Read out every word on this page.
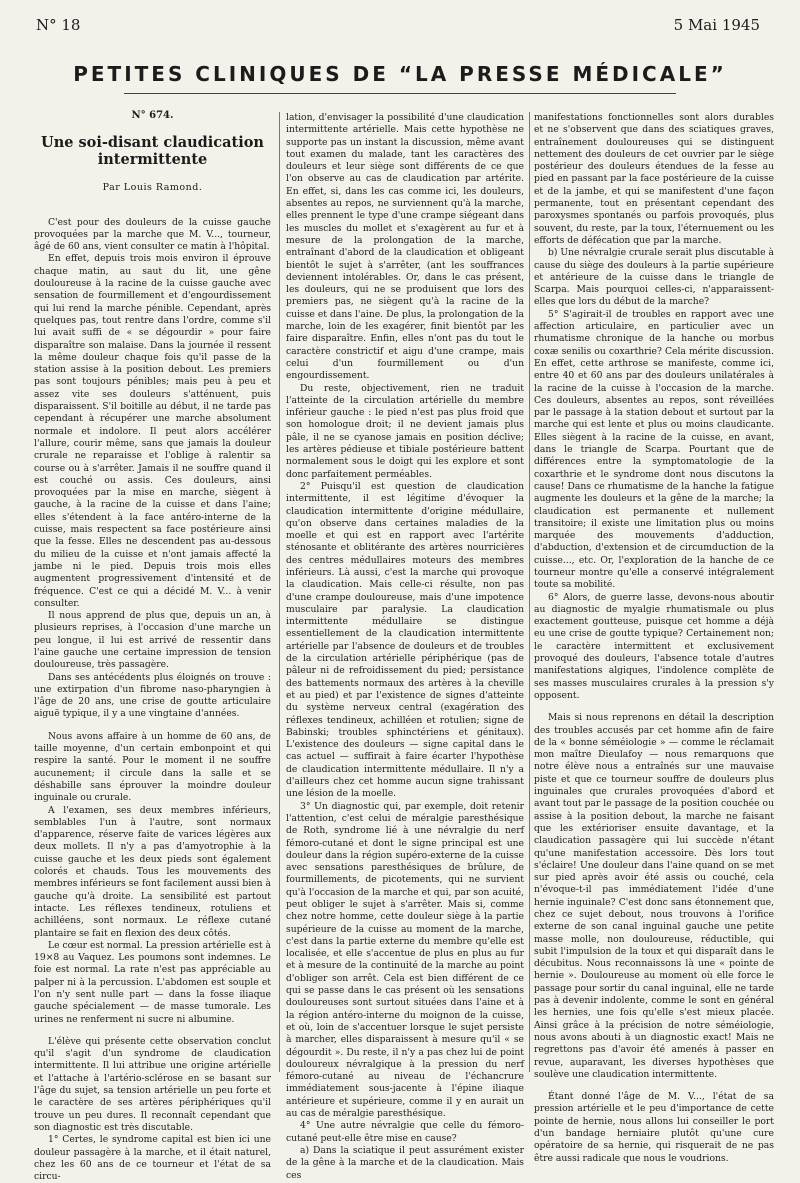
N° 18	5 Mai 1945
PETITES CLINIQUES DE “LA PRESSE MÉDICALE”
N° 674.
Une soi-disant claudication intermittente
Par Louis Ramond.

C'est pour des douleurs de la cuisse gauche provoquées par la marche que M. V..., tourneur, âgé de 60 ans, vient consulter ce matin à l'hôpital.

En effet, depuis trois mois environ il éprouve chaque matin, au saut du lit, une gêne douloureuse à la racine de la cuisse gauche avec sensation de fourmillement et d'engourdissement qui lui rend la marche pénible. Cependant, après quelques pas, tout rentre dans l'ordre, comme s'il lui avait suffi de « se dégourdir » pour faire disparaître son malaise. Dans la journée il ressent la même douleur chaque fois qu'il passe de la station assise à la position debout. Les premiers pas sont toujours pénibles; mais peu à peu et assez vite ses douleurs s'atténuent, puis disparaissent. S'il boitille au début, il ne tarde pas cependant à récupérer une marche absolument normale et indolore. Il peut alors accélérer l'allure, courir même, sans que jamais la douleur crurale ne reparaisse et l'oblige à ralentir sa course ou à s'arrêter. Jamais il ne souffre quand il est couché ou assis. Ces douleurs, ainsi provoquées par la mise en marche, siègent à gauche, à la racine de la cuisse et dans l'aine; elles s'étendent à la face antéro-interne de la cuisse, mais respectent sa face postérieure ainsi que la fesse. Elles ne descendent pas au-dessous du milieu de la cuisse et n'ont jamais affecté la jambe ni le pied. Depuis trois mois elles augmentent progressivement d'intensité et de fréquence. C'est ce qui a décidé M. V... à venir consulter.

Il nous apprend de plus que, depuis un an, à plusieurs reprises, à l'occasion d'une marche un peu longue, il lui est arrivé de ressentir dans l'aine gauche une certaine impression de tension douloureuse, très passagère.

Dans ses antécédents plus éloignés on trouve : une extirpation d'un fibrome naso-pharyngien à l'âge de 20 ans, une crise de goutte articulaire aiguë typique, il y a une vingtaine d'années.

Nous avons affaire à un homme de 60 ans, de taille moyenne, d'un certain embonpoint et qui respire la santé. Pour le moment il ne souffre aucunement; il circule dans la salle et se déshabille sans éprouver la moindre douleur inguinale ou crurale.

A l'examen, ses deux membres inférieurs, semblables l'un à l'autre, sont normaux d'apparence, réserve faite de varices légères aux deux mollets. Il n'y a pas d'amyotrophie à la cuisse gauche et les deux pieds sont également colorés et chauds. Tous les mouvements des membres inférieurs se font facilement aussi bien à gauche qu'à droite. La sensibilité est partout intacte. Les réflexes tendineux, rotuliens et achilléens, sont normaux. Le réflexe cutané plantaire se fait en flexion des deux côtés.

Le cœur est normal. La pression artérielle est à 19×8 au Vaquez. Les poumons sont indemnes. Le foie est normal. La rate n'est pas appréciable au palper ni à la percussion. L'abdomen est souple et l'on n'y sent nulle part — dans la fosse iliaque gauche spécialement — de masse tumorale. Les urines ne renferment ni sucre ni albumine.

L'élève qui présente cette observation conclut qu'il s'agit d'un syndrome de claudication intermittente. Il lui attribue une origine artérielle et l'attache à l'artério-sclérose en se basant sur l'âge du sujet, sa tension artérielle un peu forte et le caractère de ses artères périphériques qu'il trouve un peu dures. Il reconnaît cependant que son diagnostic est très discutable.

1° Certes, le syndrome capital est bien ici une douleur passagère à la marche, et il était naturel, chez les 60 ans de ce tourneur et l'état de sa circu-

lation, d'envisager la possibilité d'une claudication intermittente artérielle. Mais cette hypothèse ne supporte pas un instant la discussion, même avant tout examen du malade, tant les caractères des douleurs et leur siège sont différents de ce que l'on observe au cas de claudication par artérite. En effet, si, dans les cas comme ici, les douleurs, absentes au repos, ne surviennent qu'à la marche, elles prennent le type d'une crampe siégeant dans les muscles du mollet et s'exagèrent au fur et à mesure de la prolongation de la marche, entraînant d'abord de la claudication et obligeant bientôt le sujet à s'arrêter, (ant les souffrances deviennent intolérables. Or, dans le cas présent, les douleurs, qui ne se produisent que lors des premiers pas, ne siègent qu'à la racine de la cuisse et dans l'aine. De plus, la prolongation de la marche, loin de les exagérer, finit bientôt par les faire disparaître. Enfin, elles n'ont pas du tout le caractère constrictif et aigu d'une crampe, mais celui d'un fourmillement ou d'un engourdissement.

Du reste, objectivement, rien ne traduit l'atteinte de la circulation artérielle du membre inférieur gauche : le pied n'est pas plus froid que son homologue droit; il ne devient jamais plus pâle, il ne se cyanose jamais en position déclive; les artères pédieuse et tibiale postérieure battent normalement sous le doigt qui les explore et sont donc parfaitement perméables.

2° Puisqu'il est question de claudication intermittente, il est légitime d'évoquer la claudication intermittente d'origine médullaire, qu'on observe dans certaines maladies de la moelle et qui est en rapport avec l'artérite sténosante et oblitérante des artères nourricières des centres médullaires moteurs des membres inférieurs. Là aussi, c'est la marche qui provoque la claudication. Mais celle-ci résulte, non pas d'une crampe douloureuse, mais d'une impotence musculaire par paralysie. La claudication intermittente médullaire se distingue essentiellement de la claudication intermittente artérielle par l'absence de douleurs et de troubles de la circulation artérielle périphérique (pas de pâleur ni de refroidissement du pied; persistance des battements normaux des artères à la cheville et au pied) et par l'existence de signes d'atteinte du système nerveux central (exagération des réflexes tendineux, achilléen et rotulien; signe de Babinski; troubles sphinctériens et génitaux). L'existence des douleurs — signe capital dans le cas actuel — suffirait à faire écarter l'hypothèse de claudication intermittente médullaire. Il n'y a d'ailleurs chez cet homme aucun signe trahissant une lésion de la moelle.

3° Un diagnostic qui, par exemple, doit retenir l'attention, c'est celui de méralgie paresthésique de Roth, syndrome lié à une névralgie du nerf fémoro-cutané et dont le signe principal est une douleur dans la région supéro-externe de la cuisse avec sensations paresthésiques de brûlure, de fourmillements, de picotements, qui ne survient qu'à l'occasion de la marche et qui, par son acuité, peut obliger le sujet à s'arrêter. Mais si, comme chez notre homme, cette douleur siège à la partie supérieure de la cuisse au moment de la marche, c'est dans la partie externe du membre qu'elle est localisée, et elle s'accentue de plus en plus au fur et à mesure de la continuité de la marche au point d'obliger son arrêt. Cela est bien différent de ce qui se passe dans le cas présent où les sensations douloureuses sont surtout situées dans l'aine et à la région antéro-interne du moignon de la cuisse, et où, loin de s'accentuer lorsque le sujet persiste à marcher, elles disparaissent à mesure qu'il « se dégourdit ». Du reste, il n'y a pas chez lui de point douloureux névralgique à la pression du nerf fémoro-cutané au niveau de l'échancrure immédiatement sous-jacente à l'épine iliaque antérieure et supérieure, comme il y en aurait un au cas de méralgie paresthésique.

4° Une autre névralgie que celle du fémoro-cutané peut-elle être mise en cause?

a) Dans la sciatique il peut assurément exister de la gêne à la marche et de la claudication. Mais ces

manifestations fonctionnelles sont alors durables et ne s'observent que dans des sciatiques graves, entraînement douloureuses qui se distinguent nettement des douleurs de cet ouvrier par le siège postérieur des douleurs étendues de la fesse au pied en passant par la face postérieure de la cuisse et de la jambe, et qui se manifestent d'une façon permanente, tout en présentant cependant des paroxysmes spontanés ou parfois provoqués, plus souvent, du reste, par la toux, l'éternuement ou les efforts de défécation que par la marche.

b) Une névralgie crurale serait plus discutable à cause du siège des douleurs à la partie supérieure et antérieure de la cuisse dans le triangle de Scarpa. Mais pourquoi celles-ci, n'apparaissent-elles que lors du début de la marche?

5° S'agirait-il de troubles en rapport avec une affection articulaire, en particulier avec un rhumatisme chronique de la hanche ou morbus coxæ senilis ou coxarthrie? Cela mérite discussion. En effet, cette arthrose se manifeste, comme ici, entre 40 et 60 ans par des douleurs unilatérales à la racine de la cuisse à l'occasion de la marche. Ces douleurs, absentes au repos, sont réveillées par le passage à la station debout et surtout par la marche qui est lente et plus ou moins claudicante. Elles siègent à la racine de la cuisse, en avant, dans le triangle de Scarpa. Pourtant que de différences entre la symptomatologie de la coxarthrie et le syndrome dont nous discutons la cause! Dans ce rhumatisme de la hanche la fatigue augmente les douleurs et la gêne de la marche; la claudication est permanente et nullement transitoire; il existe une limitation plus ou moins marquée des mouvements d'adduction, d'abduction, d'extension et de circumduction de la cuisse..., etc. Or, l'exploration de la hanche de ce tourneur montre qu'elle a conservé intégralement toute sa mobilité.

6° Alors, de guerre lasse, devons-nous aboutir au diagnostic de myalgie rhumatismale ou plus exactement goutteuse, puisque cet homme a déjà eu une crise de goutte typique? Certainement non; le caractère intermittent et exclusivement provoqué des douleurs, l'absence totale d'autres manifestations algiques, l'indolence complète de ses masses musculaires crurales à la pression s'y opposent.

Mais si nous reprenons en détail la description des troubles accusés par cet homme afin de faire de la « bonne séméiologie » — comme le réclamait mon maître Dieulafoy — nous remarquons que notre élève nous a entraînés sur une mauvaise piste et que ce tourneur souffre de douleurs plus inguinales que crurales provoquées d'abord et avant tout par le passage de la position couchée ou assise à la position debout, la marche ne faisant que les extérioriser ensuite davantage, et la claudication passagère qui lui succède n'étant qu'une manifestation accessoire. Dès lors tout s'éclaire! Une douleur dans l'aine quand on se met sur pied après avoir été assis ou couché, cela n'évoque-t-il pas immédiatement l'idée d'une hernie inguinale? C'est donc sans étonnement que, chez ce sujet debout, nous trouvons à l'orifice externe de son canal inguinal gauche une petite masse molle, non douloureuse, réductible, qui subit l'impulsion de la toux et qui disparaît dans le décubitus. Nous reconnaissons là une « pointe de hernie ». Douloureuse au moment où elle force le passage pour sortir du canal inguinal, elle ne tarde pas à devenir indolente, comme le sont en général les hernies, une fois qu'elle s'est mieux placée. Ainsi grâce à la précision de notre séméiologie, nous avons abouti à un diagnostic exact! Mais ne regrettons pas d'avoir été amenés à passer en revue, auparavant, les diverses hypothèses que soulève une claudication intermittente.

Étant donné l'âge de M. V..., l'état de sa pression artérielle et le peu d'importance de cette pointe de hernie, nous allons lui conseiller le port d'un bandage herniaire plutôt qu'une cure opératoire de sa hernie, qui risquerait de ne pas être aussi radicale que nous le voudrions.
